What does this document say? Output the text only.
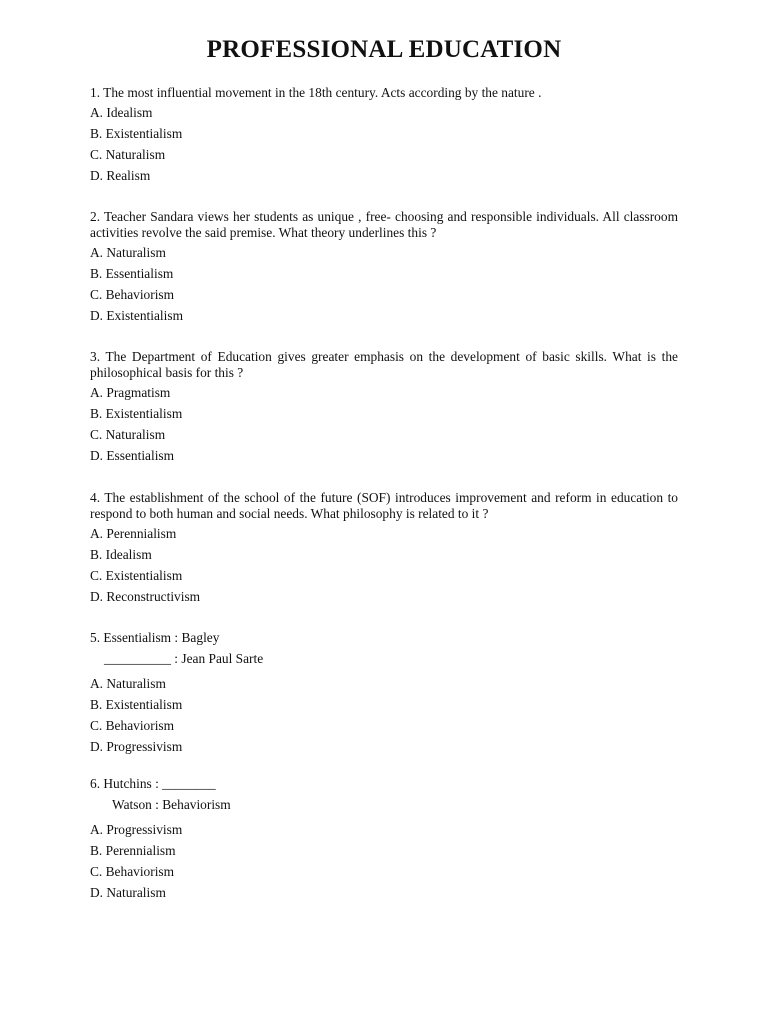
PROFESSIONAL EDUCATION

1. The most influential movement in the 18th century. Acts according by the nature .

A. Idealism
B. Existentialism
C. Naturalism
D. Realism

2. Teacher Sandara views her students as unique , free- choosing and responsible individuals. All classroom activities revolve the said premise. What theory underlines this ?

A. Naturalism
B. Essentialism
C. Behaviorism
D. Existentialism

3. The Department of Education gives greater emphasis on the development of basic skills. What is the philosophical basis for this ?

A. Pragmatism
B. Existentialism
C. Naturalism
D. Essentialism

4. The establishment of the school of the future (SOF) introduces improvement and reform in education to respond to both human and social needs. What philosophy is related to it ?

A. Perennialism
B. Idealism
C. Existentialism
D. Reconstructivism

5. Essentialism : Bagley

__________ : Jean Paul Sarte
A. Naturalism
B. Existentialism
C. Behaviorism
D. Progressivism

6. Hutchins : ________

Watson : Behaviorism
A. Progressivism
B. Perennialism
C. Behaviorism
D. Naturalism
